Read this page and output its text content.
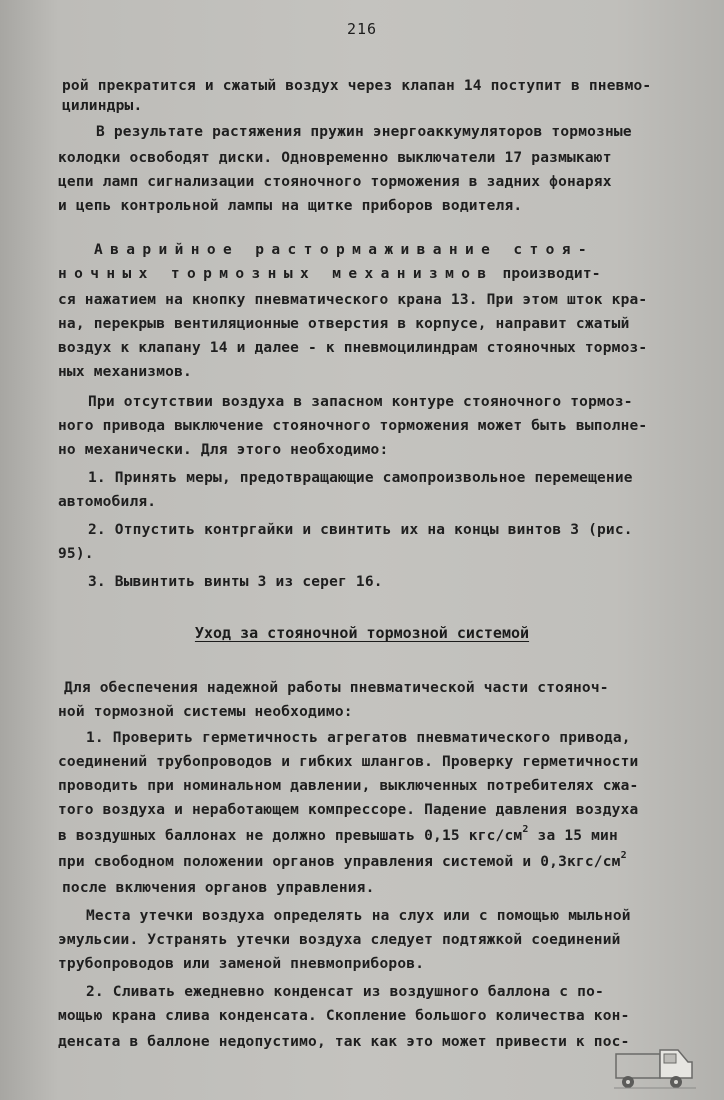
216
рой прекратится и сжатый воздух через клапан 14 поступит в пневмо-
цилиндры.
В результате растяжения пружин энергоаккумуляторов тормозные
колодки освободят диски. Одновременно выключатели 17 размыкают
цепи ламп сигнализации стояночного торможения в задних фонарях
и цепь контрольной лампы на щитке приборов водителя.
Аварийное растормаживание стоя-
ночных тормозных механизмов производит-
ся нажатием на кнопку пневматического крана 13. При этом шток кра-
на, перекрыв вентиляционные отверстия в корпусе, направит сжатый
воздух к клапану 14 и далее - к пневмоцилиндрам стояночных тормоз-
ных механизмов.
При отсутствии воздуха в запасном контуре стояночного тормоз-
ного привода выключение стояночного торможения может быть выполне-
но механически. Для этого необходимо:
1. Принять меры, предотвращающие самопроизвольное перемещение
автомобиля.
2. Отпустить контргайки и свинтить их на концы винтов 3 (рис.
95).
3. Вывинтить винты 3 из серег 16.
Уход за стояночной тормозной системой
Для обеспечения надежной работы пневматической части стояноч-
ной тормозной системы необходимо:
1. Проверить герметичность агрегатов пневматического привода,
соединений трубопроводов и гибких шлангов. Проверку герметичности
проводить при номинальном давлении, выключенных потребителях сжа-
того воздуха и неработающем компрессоре. Падение давления воздуха
в воздушных баллонах не должно превышать 0,15 кгс/$см^2$ за 15 мин
при свободном положении органов управления системой и $0,3кгс/см^2$
после включения органов управления.
Места утечки воздуха определять на слух или с помощью мыльной
эмульсии. Устранять утечки воздуха следует подтяжкой соединений
трубопроводов или заменой пневмоприборов.
2. Сливать ежедневно конденсат из воздушного баллона с по-
мощью крана слива конденсата. Скопление большого количества кон-
денсата в баллоне недопустимо, так как это может привести к пос-
